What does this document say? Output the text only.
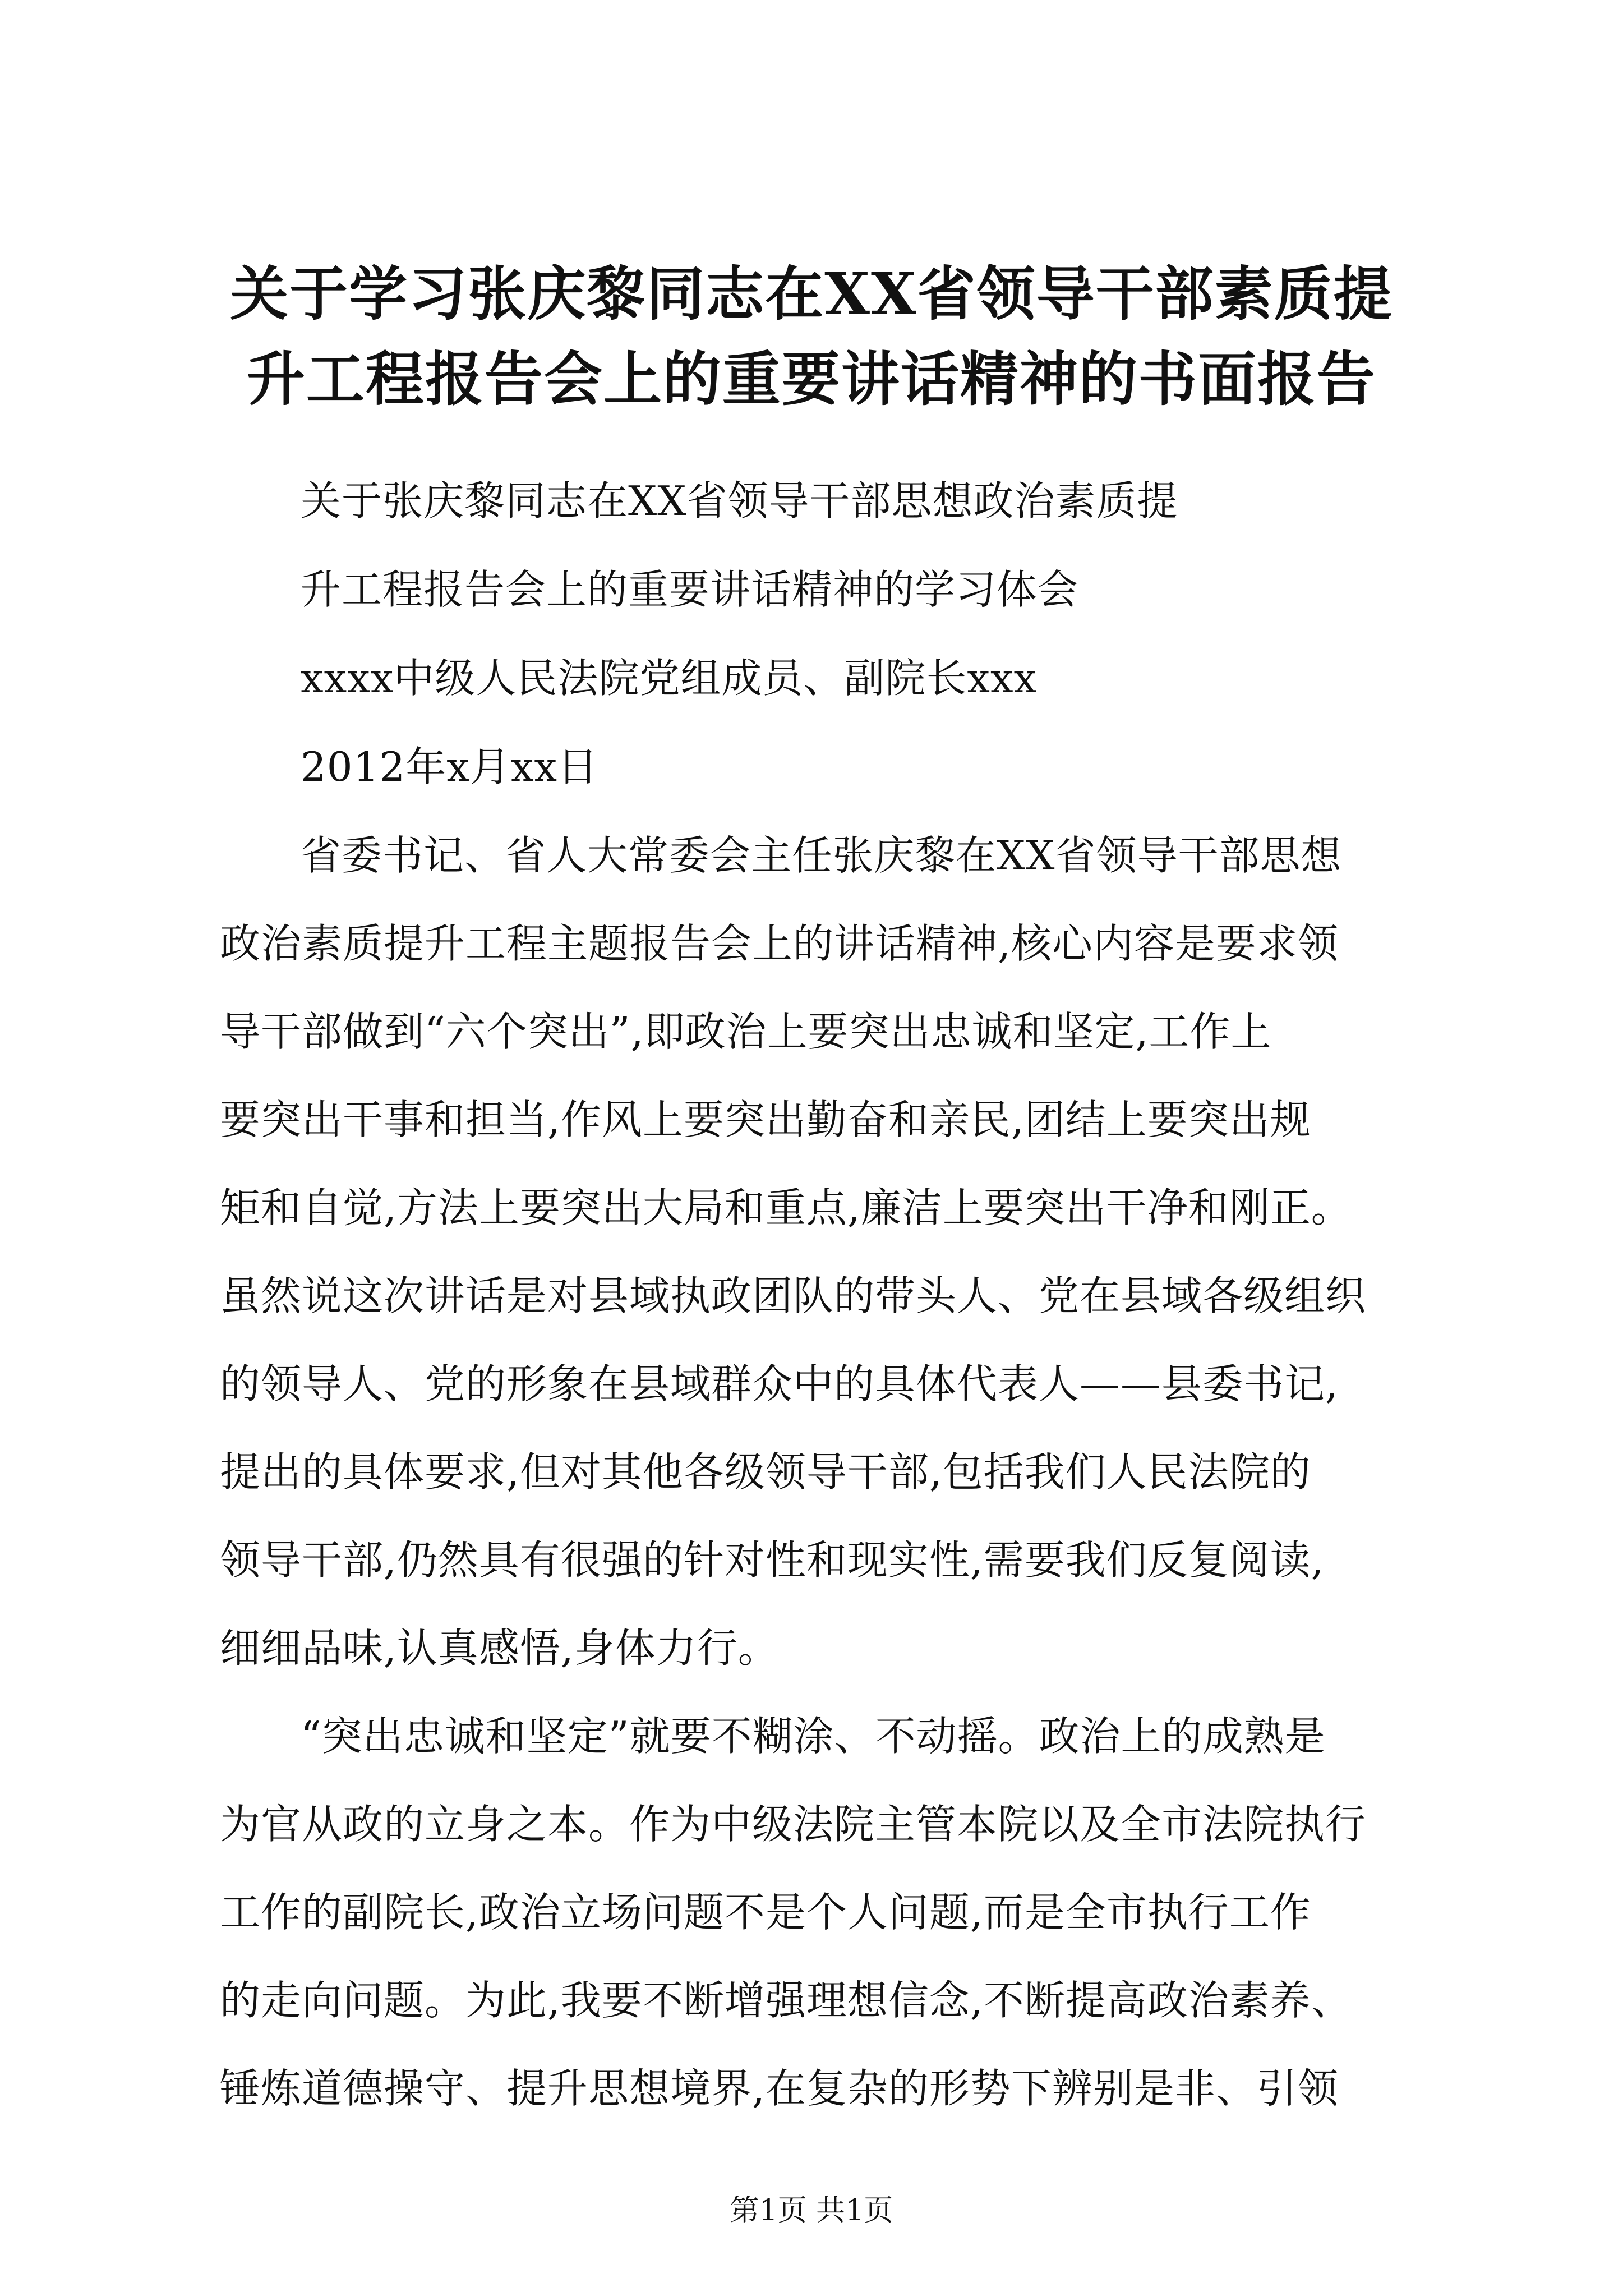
关于学习张庆黎同志在XX省领导干部素质提
升工程报告会上的重要讲话精神的书面报告
关于张庆黎同志在XX省领导干部思想政治素质提
升工程报告会上的重要讲话精神的学习体会
xxxx中级人民法院党组成员、副院长xxx
2012年x月xx日
省委书记、省人大常委会主任张庆黎在XX省领导干部思想
政治素质提升工程主题报告会上的讲话精神,核心内容是要求领
导干部做到“六个突出”,即政治上要突出忠诚和坚定,工作上
要突出干事和担当,作风上要突出勤奋和亲民,团结上要突出规
矩和自觉,方法上要突出大局和重点,廉洁上要突出干净和刚正。
虽然说这次讲话是对县域执政团队的带头人、党在县域各级组织
的领导人、党的形象在县域群众中的具体代表人——县委书记,
提出的具体要求,但对其他各级领导干部,包括我们人民法院的
领导干部,仍然具有很强的针对性和现实性,需要我们反复阅读,
细细品味,认真感悟,身体力行。
“突出忠诚和坚定”就要不糊涂、不动摇。政治上的成熟是
为官从政的立身之本。作为中级法院主管本院以及全市法院执行
工作的副院长,政治立场问题不是个人问题,而是全市执行工作
的走向问题。为此,我要不断增强理想信念,不断提高政治素养、
锤炼道德操守、提升思想境界,在复杂的形势下辨别是非、引领
第1页 共1页
